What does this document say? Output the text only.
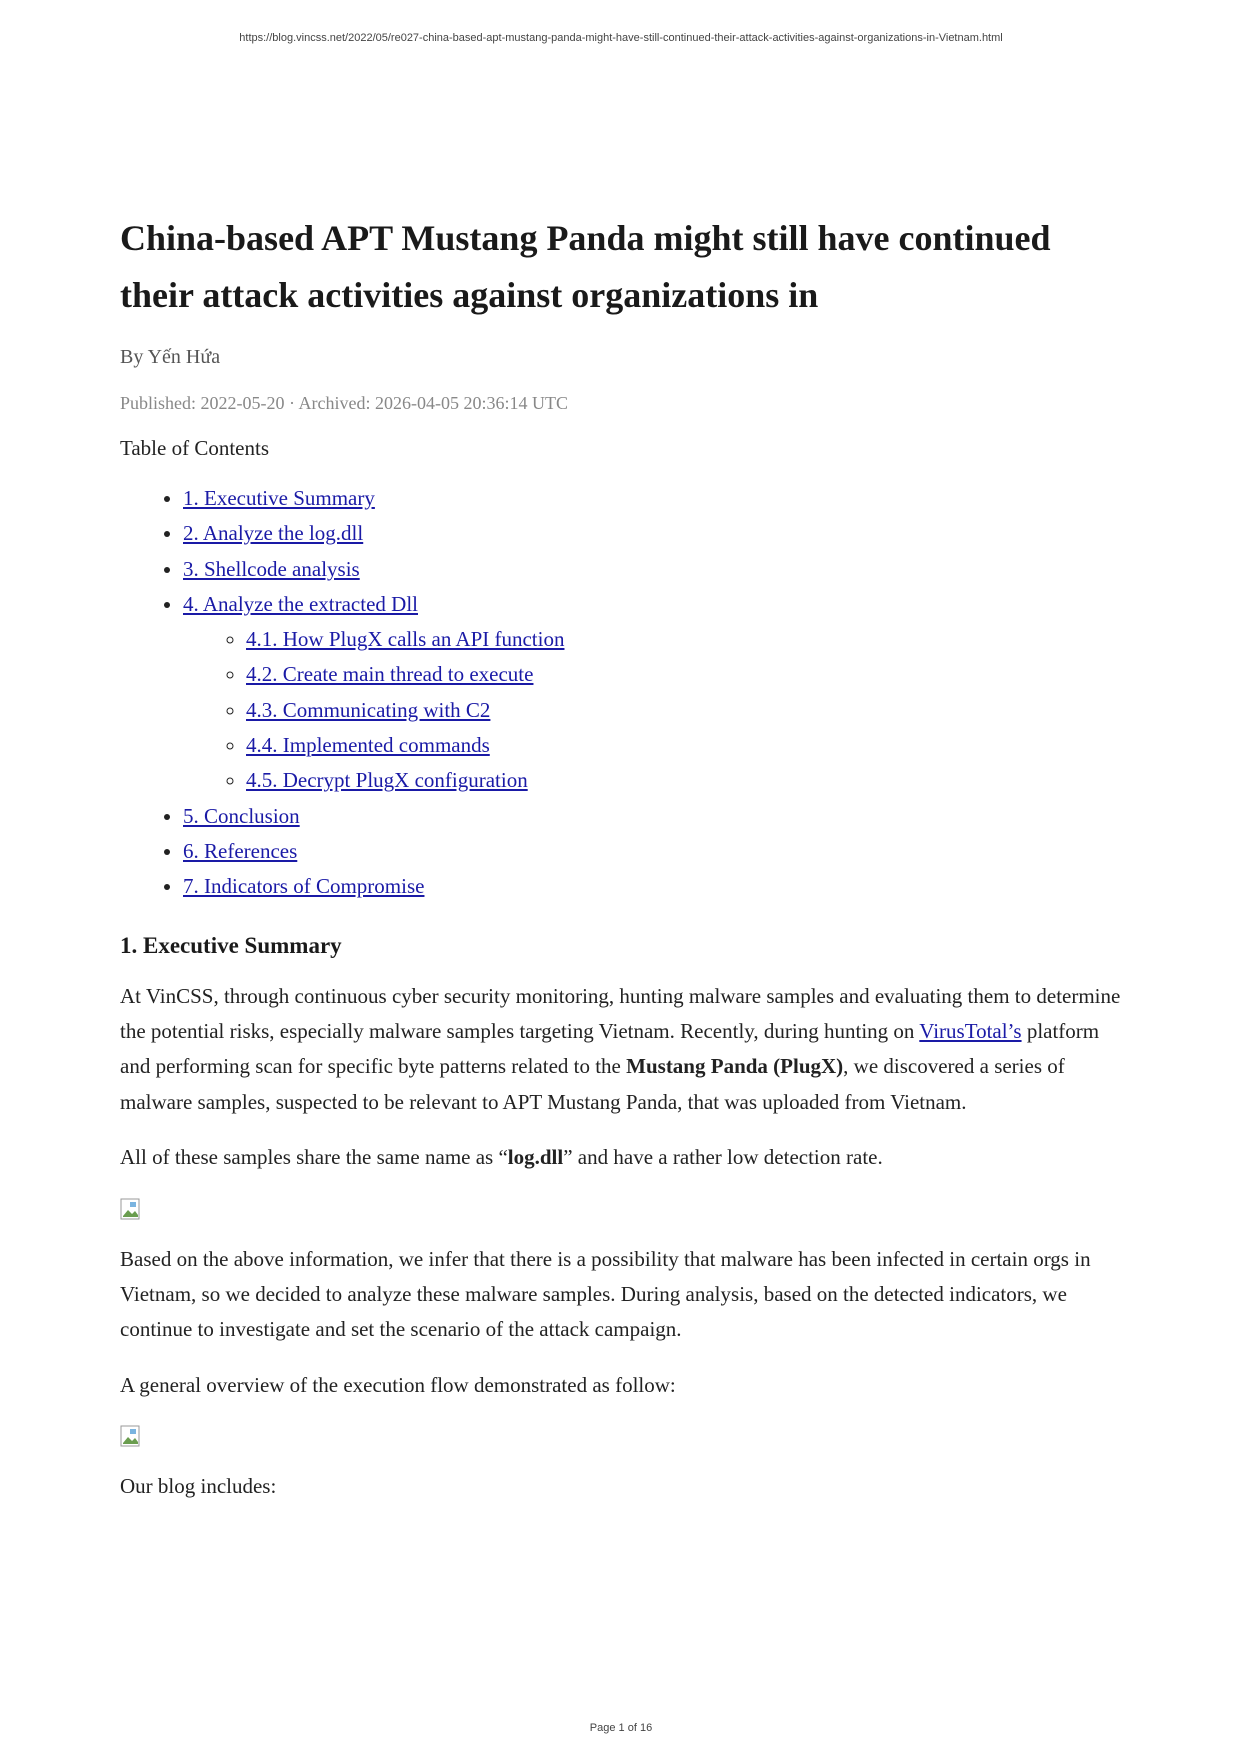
https://blog.vincss.net/2022/05/re027-china-based-apt-mustang-panda-might-have-still-continued-their-attack-activities-against-organizations-in-Vietnam.html
China-based APT Mustang Panda might still have continued their attack activities against organizations in
By Yến Hứa
Published: 2022-05-20 · Archived: 2026-04-05 20:36:14 UTC
Table of Contents
• 1. Executive Summary
• 2. Analyze the log.dll
• 3. Shellcode analysis
• 4. Analyze the extracted Dll
◦ 4.1. How PlugX calls an API function
◦ 4.2. Create main thread to execute
◦ 4.3. Communicating with C2
◦ 4.4. Implemented commands
◦ 4.5. Decrypt PlugX configuration
• 5. Conclusion
• 6. References
• 7. Indicators of Compromise
1. Executive Summary

At VinCSS, through continuous cyber security monitoring, hunting malware samples and evaluating them to determine the potential risks, especially malware samples targeting Vietnam. Recently, during hunting on VirusTotal’s platform and performing scan for specific byte patterns related to the Mustang Panda (PlugX), we discovered a series of malware samples, suspected to be relevant to APT Mustang Panda, that was uploaded from Vietnam.

All of these samples share the same name as “log.dll” and have a rather low detection rate.

Based on the above information, we infer that there is a possibility that malware has been infected in certain orgs in Vietnam, so we decided to analyze these malware samples. During analysis, based on the detected indicators, we continue to investigate and set the scenario of the attack campaign.

A general overview of the execution flow demonstrated as follow:

Our blog includes:

Page 1 of 16
